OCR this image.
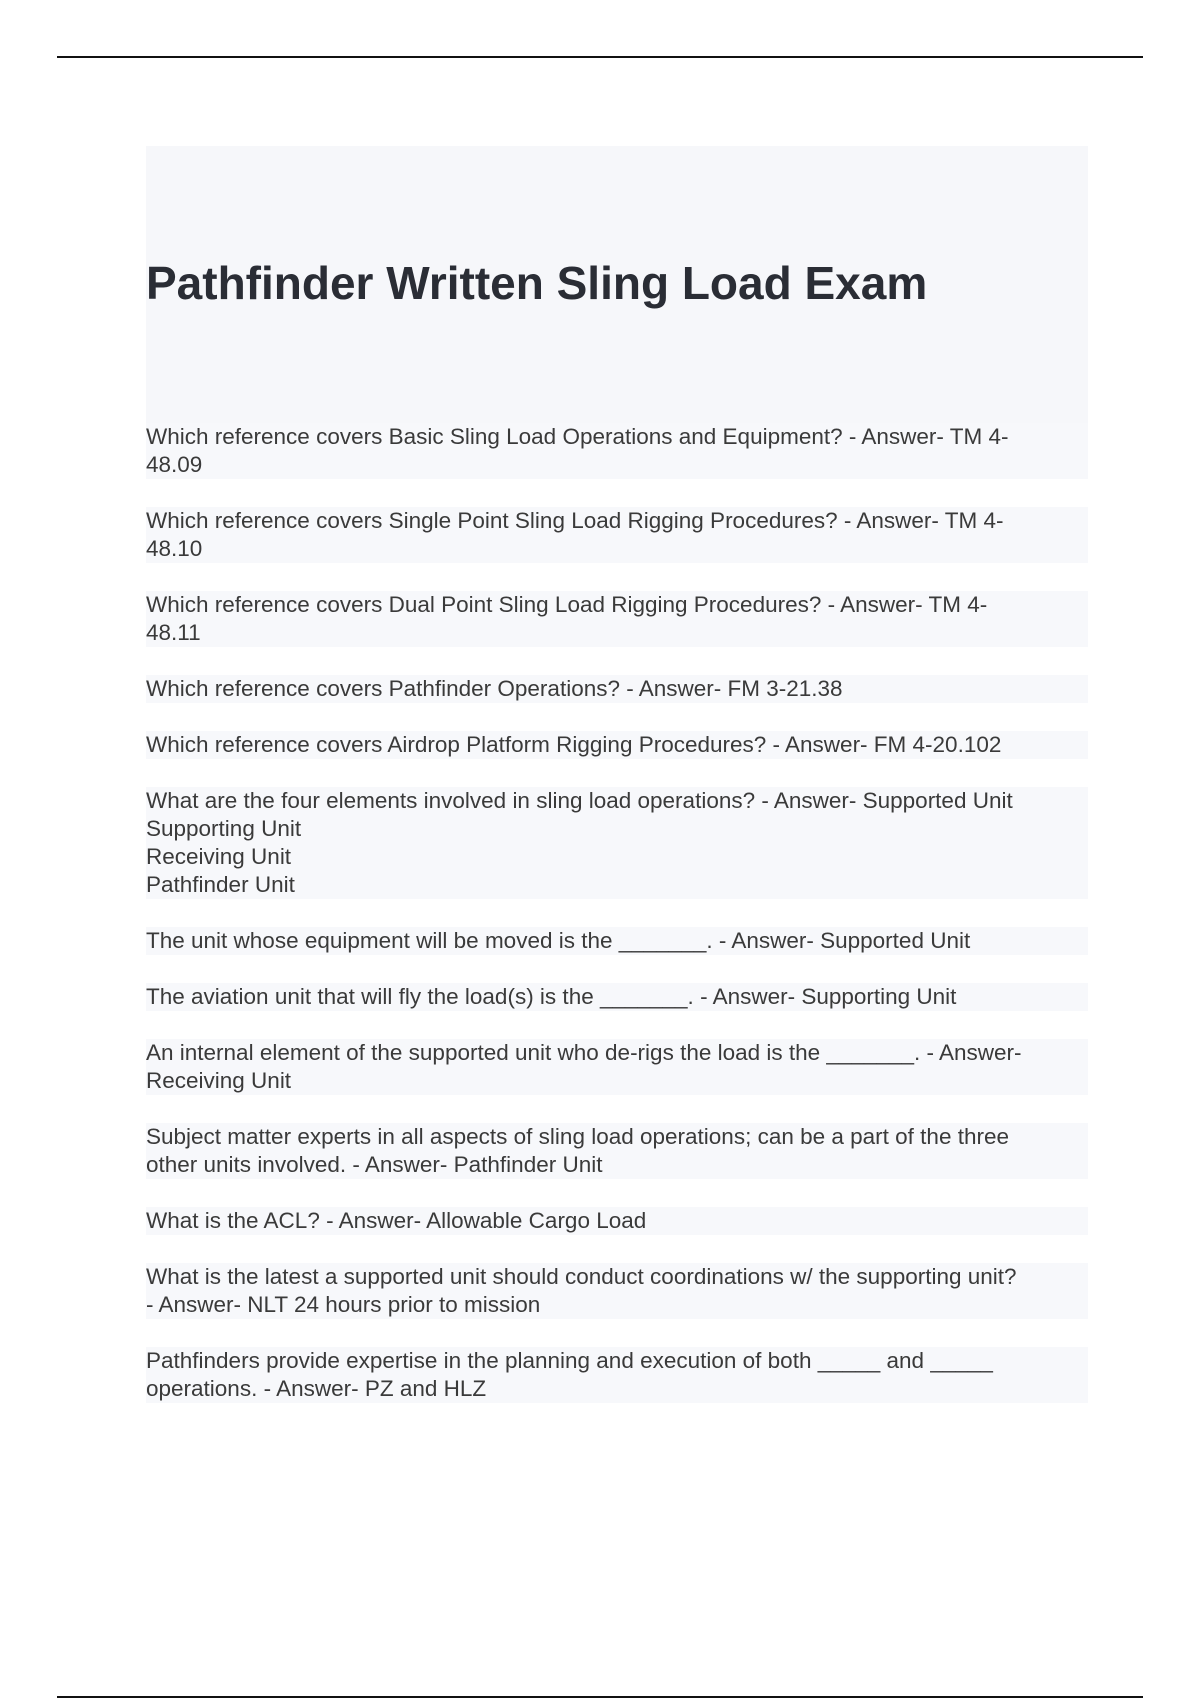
Pathfinder Written Sling Load Exam
Which reference covers Basic Sling Load Operations and Equipment? - Answer- TM 4-
48.09
Which reference covers Single Point Sling Load Rigging Procedures? - Answer- TM 4-
48.10
Which reference covers Dual Point Sling Load Rigging Procedures? - Answer- TM 4-
48.11
Which reference covers Pathfinder Operations? - Answer- FM 3-21.38
Which reference covers Airdrop Platform Rigging Procedures? - Answer- FM 4-20.102
What are the four elements involved in sling load operations? - Answer- Supported Unit
Supporting Unit
Receiving Unit
Pathfinder Unit
The unit whose equipment will be moved is the _______. - Answer- Supported Unit
The aviation unit that will fly the load(s) is the _______. - Answer- Supporting Unit
An internal element of the supported unit who de-rigs the load is the _______. - Answer-
Receiving Unit
Subject matter experts in all aspects of sling load operations; can be a part of the three
other units involved. - Answer- Pathfinder Unit
What is the ACL? - Answer- Allowable Cargo Load
What is the latest a supported unit should conduct coordinations w/ the supporting unit?
- Answer- NLT 24 hours prior to mission
Pathfinders provide expertise in the planning and execution of both _____ and _____
operations. - Answer- PZ and HLZ
